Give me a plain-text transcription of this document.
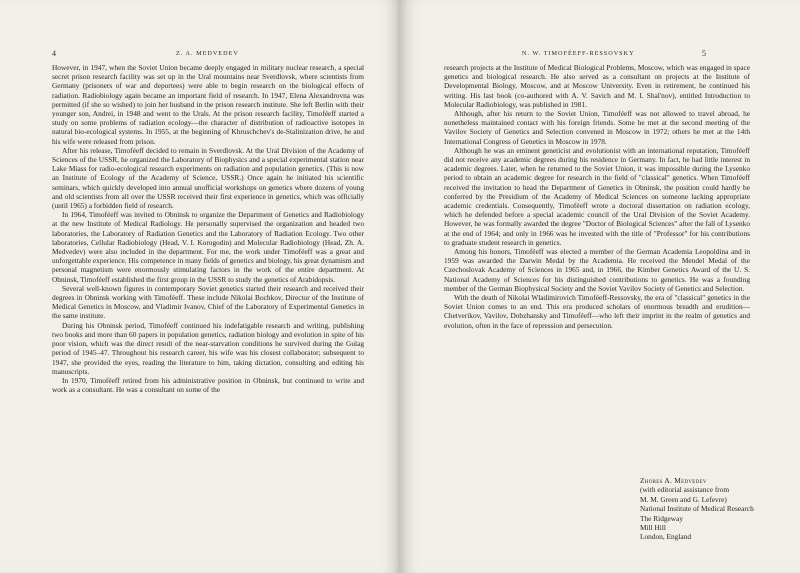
4	Z. A. MEDVEDEV

However, in 1947, when the Soviet Union became deeply engaged in military nuclear research, a special secret prison research facility was set up in the Ural mountains near Sverdlovsk, where scientists from Germany (prisoners of war and deportees) were able to begin research on the biological effects of radiation. Radiobiology again became an important field of research. In 1947, Elena Alexandrovna was permitted (if she so wished) to join her husband in the prison research institute. She left Berlin with their younger son, Andrei, in 1948 and went to the Urals. At the prison research facility, Timoféeff started a study on some problems of radiation ecology—the character of distribution of radioactive isotopes in natural bio-ecological systems. In 1955, at the beginning of Khruschchev's de-Stalinization drive, he and his wife were released from prison.

After his release, Timoféeff decided to remain in Sverdlovsk. At the Ural Division of the Academy of Sciences of the USSR, he organized the Laboratory of Biophysics and a special experimental station near Lake Miass for radio-ecological research experiments on radiation and population genetics. (This is now an Institute of Ecology of the Academy of Science, USSR.) Once again he initiated his scientific seminars, which quickly developed into annual unofficial workshops on genetics where dozens of young and old scientists from all over the USSR received their first experience in genetics, which was officially (until 1965) a forbidden field of research.

In 1964, Timoféeff was invited to Obninsk to organize the Department of Genetics and Radiobiology at the new Institute of Medical Radiology. He personally supervised the organization and headed two laboratories, the Laboratory of Radiation Genetics and the Laboratory of Radiation Ecology. Two other laboratories, Cellular Radiobiology (Head, V. I. Korogodin) and Molecular Radiobiology (Head, Zh. A. Medvedev) were also included in the department. For me, the work under Timoféeff was a great and unforgettable experience. His competence in many fields of genetics and biology, his great dynamism and personal magnetism were enormously stimulating factors in the work of the entire department. At Obninsk, Timoféeff established the first group in the USSR to study the genetics of Arabidopsis.

Several well-known figures in contemporary Soviet genetics started their research and received their degrees in Obninsk working with Timoféeff. These include Nikolai Bochkov, Director of the Institute of Medical Genetics in Moscow, and Vladimir Ivanov, Chief of the Laboratory of Experimental Genetics in the same institute.

During his Obninsk period, Timoféeff continued his indefatigable research and writing, publishing two books and more than 60 papers in population genetics, radiation biology and evolution in spite of his poor vision, which was the direct result of the near-starvation conditions he survived during the Gulag period of 1945–47. Throughout his research career, his wife was his closest collaborator; subsequent to 1947, she provided the eyes, reading the literature to him, taking dictation, consulting and editing his manuscripts.

In 1970, Timoféeff retired from his administrative position in Obninsk, but continued to write and work as a consultant. He was a consultant on some of the

N. W. TIMOFÉEFF-RESSOVSKY	5

research projects at the Institute of Medical Biological Problems, Moscow, which was engaged in space genetics and biological research. He also served as a consultant on projects at the Institute of Developmental Biology, Moscow, and at Moscow University. Even in retirement, he continued his writing. His last book (co-authored with A. V. Savich and M. I. Shal'nov), entitled Introduction to Molecular Radiobiology, was published in 1981.

Although, after his return to the Soviet Union, Timoféeff was not allowed to travel abroad, he nonetheless maintained contact with his foreign friends. Some he met at the second meeting of the Vavilov Society of Genetics and Selection convened in Moscow in 1972; others he met at the 14th International Congress of Genetics in Moscow in 1978.

Although he was an eminent geneticist and evolutionist with an international reputation, Timoféeff did not receive any academic degrees during his residence in Germany. In fact, he had little interest in academic degrees. Later, when he returned to the Soviet Union, it was impossible during the Lysenko period to obtain an academic degree for research in the field of "classical" genetics. When Timoféeff received the invitation to head the Department of Genetics in Obninsk, the position could hardly be conferred by the Presidium of the Academy of Medical Sciences on someone lacking appropriate academic credentials. Consequently, Timoféeff wrote a doctoral dissertation on radiation ecology, which he defended before a special academic council of the Ural Division of the Soviet Academy. However, he was formally awarded the degree "Doctor of Biological Sciences" after the fall of Lysenko at the end of 1964; and only in 1966 was he invested with the title of "Professor" for his contributions to graduate student research in genetics.

Among his honors, Timoféeff was elected a member of the German Academia Leopoldina and in 1959 was awarded the Darwin Medal by the Academia. He received the Mendel Medal of the Czechoslovak Academy of Sciences in 1965 and, in 1966, the Kimber Genetics Award of the U. S. National Academy of Sciences for his distinguished contributions to genetics. He was a founding member of the German Biophysical Society and the Soviet Vavilov Society of Genetics and Selection.

With the death of Nikolai Wladimirovich Timoféeff-Ressovsky, the era of "classical" genetics in the Soviet Union comes to an end. This era produced scholars of enormous breadth and erudition—Chetverikov, Vavilov, Dobzhansky and Timoféeff—who left their imprint in the realm of genetics and evolution, often in the face of repression and persecution.

Zhores A. Medvedev
(with editorial assistance from
M. M. Green and G. Lefevre)
National Institute of Medical Research
The Ridgeway
Mill Hill
London, England
